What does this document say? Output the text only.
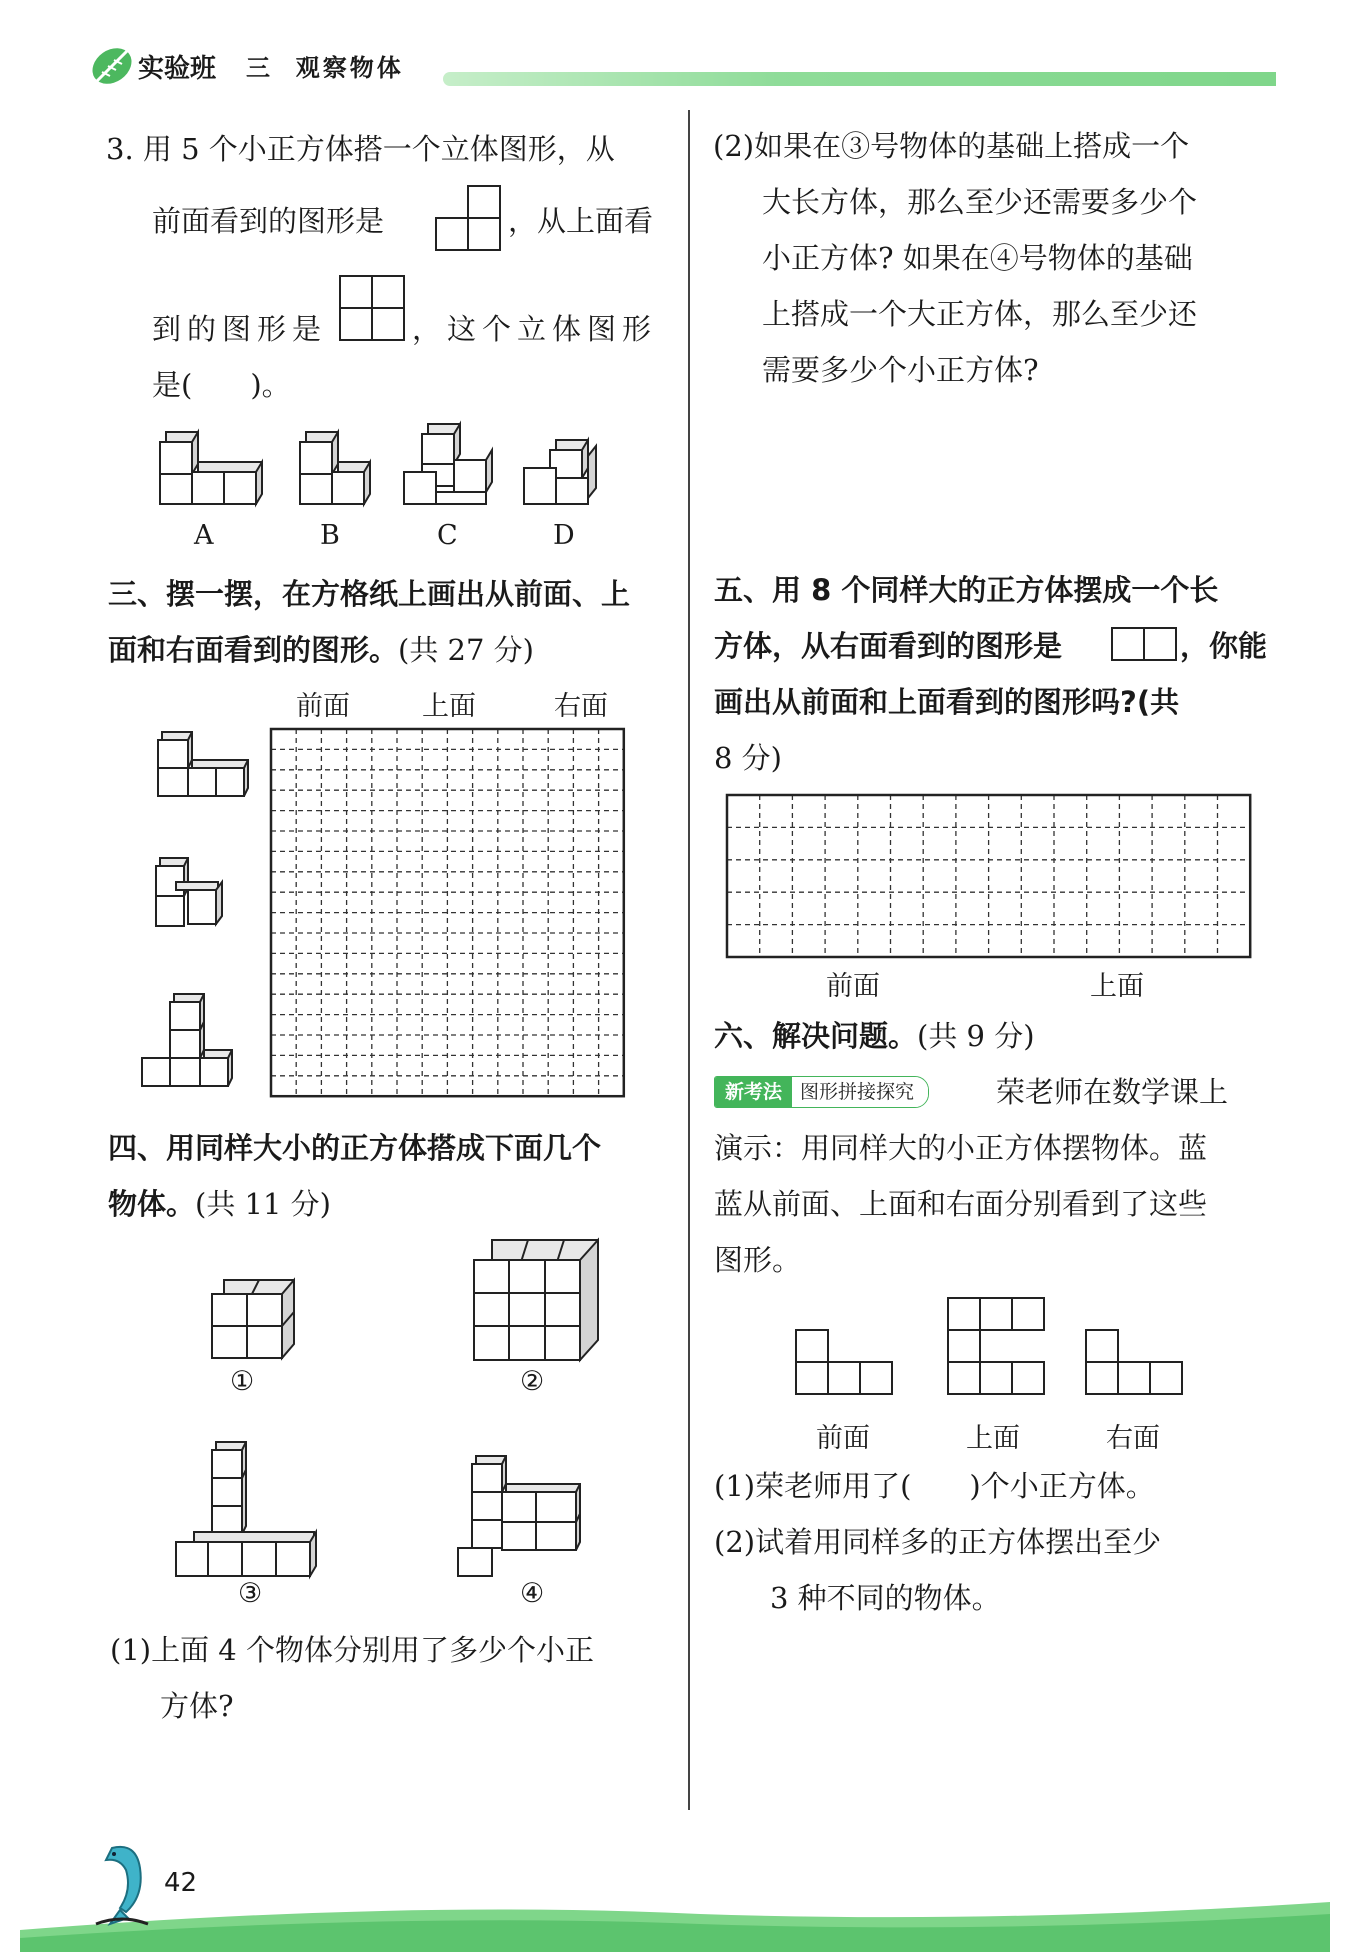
实验班 三  观察物体
3. 用 5 个小正方体搭一个立体图形，从
前面看到的图形是	，从上面看
到的图形是	，这个立体图形
是(　　)。
A	B	C	D
三、摆一摆，在方格纸上画出从前面、上
面和右面看到的图形。(共 27 分)
前面	上面	右面
四、用同样大小的正方体搭成下面几个
物体。(共 11 分)
①	②
③	④
(1)上面 4 个物体分别用了多少个小正
方体?
(2)如果在③号物体的基础上搭成一个
大长方体，那么至少还需要多少个
小正方体? 如果在④号物体的基础
上搭成一个大正方体，那么至少还
需要多少个小正方体?
五、用 8 个同样大的正方体摆成一个长
方体，从右面看到的图形是	，你能
画出从前面和上面看到的图形吗?(共
8 分)
前面	上面
六、解决问题。(共 9 分)
新考法 图形拼接探究	荣老师在数学课上
演示：用同样大的小正方体摆物体。蓝
蓝从前面、上面和右面分别看到了这些
图形。
前面	上面	右面
(1)荣老师用了(　　)个小正方体。
(2)试着用同样多的正方体摆出至少
3 种不同的物体。
42
